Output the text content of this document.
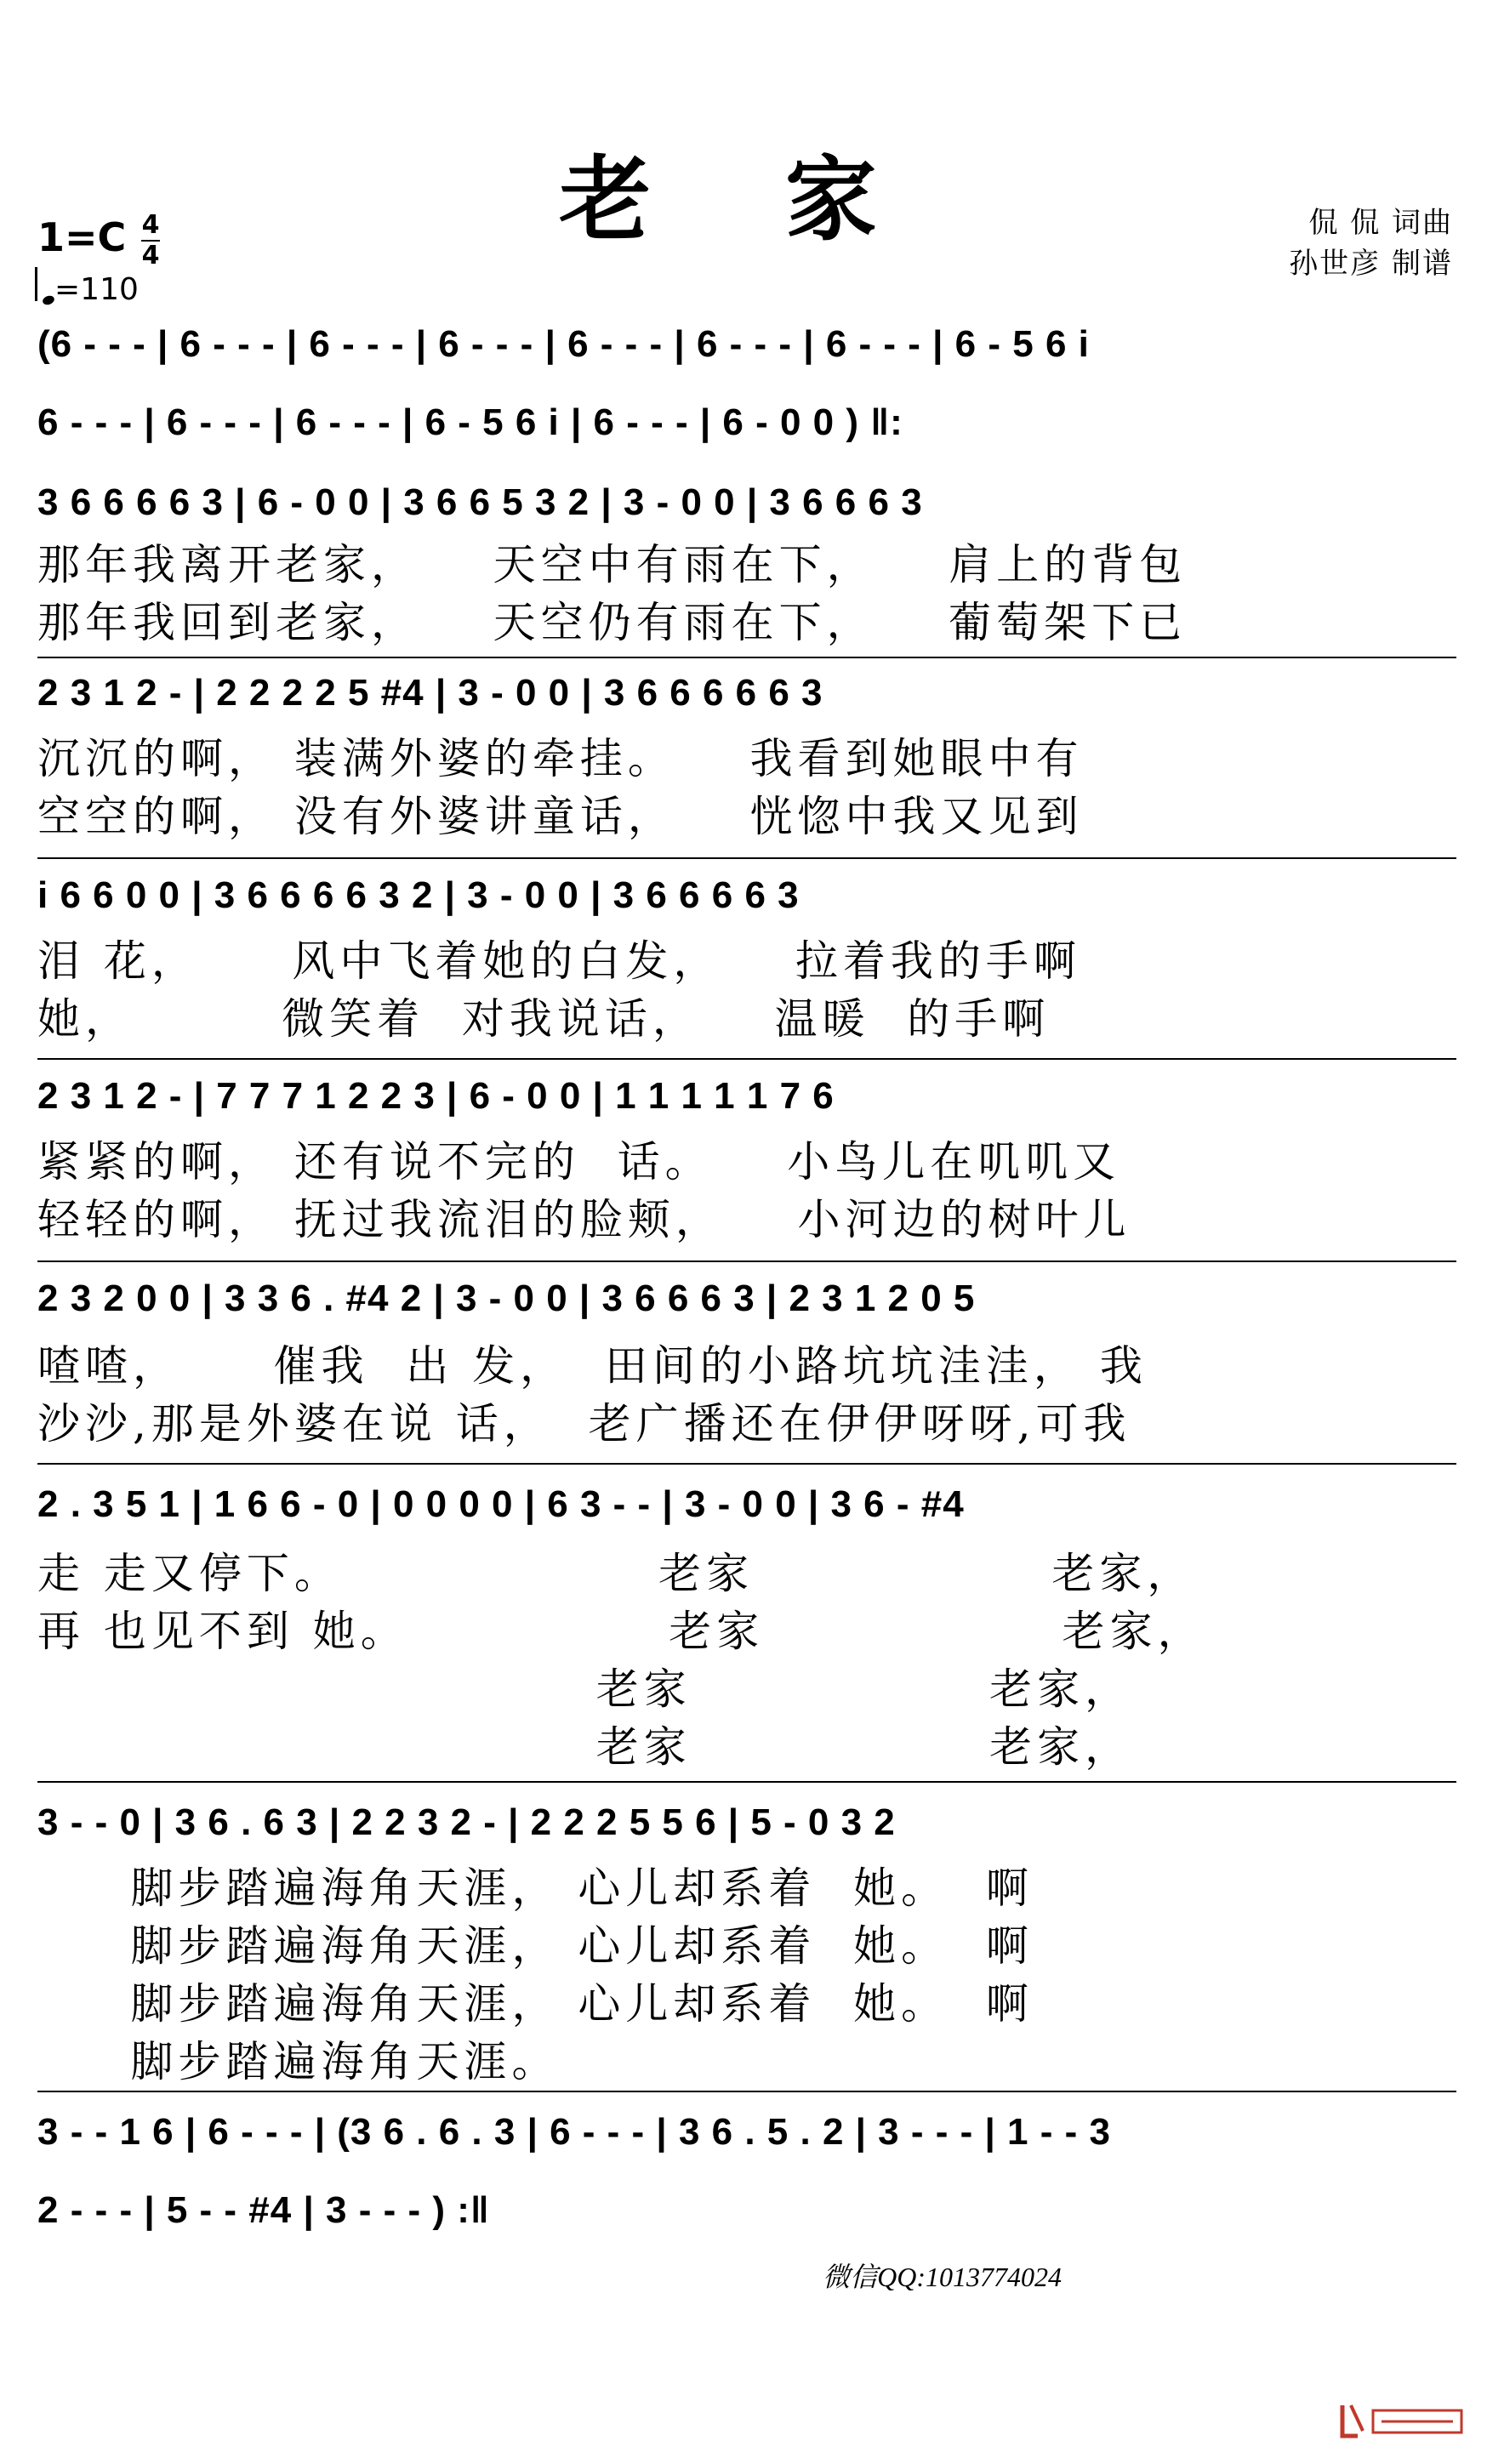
老 家
1=C 4
4
=110
侃 侃 词曲
孙世彦 制谱
(6 - - - | 6 - - - | 6 - - - | 6 - - - | 6 - - - | 6 - - - | 6 - - - | 6 - 5 6 i
6 - - - | 6 - - - | 6 - - - | 6 - 5 6 i | 6 - - - | 6 - 0 0 ) ‖:
3 6 6 6 6 3 | 6 - 0 0 | 3 6 6 5 3 2 | 3 - 0 0 | 3 6 6 6 3
2 3 1 2 - | 2 2 2 2 5 #4 | 3 - 0 0 | 3 6 6 6 6 6 3
i 6 6 0 0 | 3 6 6 6 6 3 2 | 3 - 0 0 | 3 6 6 6 6 3
2 3 1 2 - | 7 7 7 1 2 2 3 | 6 - 0 0 | 1 1 1 1 1 7 6
2 3 2 0 0 | 3 3 6 . #4 2 | 3 - 0 0 | 3 6 6 6 3 | 2 3 1 2 0 5
2 . 3 5 1 | 1 6 6 - 0 | 0 0 0 0 | 6 3 - - | 3 - 0 0 | 3 6 - #4
3 - - 0 | 3 6 . 6 3 | 2 2 3 2 - | 2 2 2 5 5 6 | 5 - 0 3 2
3 - - 1 6 | 6 - - - | (3 6 . 6 . 3 | 6 - - - | 3 6 . 5 . 2 | 3 - - - | 1 - - 3
2 - - - | 5 - - #4 | 3 - - - ) :‖
那年我离开老家，    天空中有雨在下，    肩上的背包
那年我回到老家，    天空仍有雨在下，    葡萄架下已
沉沉的啊， 装满外婆的牵挂。    我看到她眼中有
空空的啊， 没有外婆讲童话，    恍惚中我又见到
泪 花，     风中飞着她的白发，    拉着我的手啊
她，        微笑着  对我说话，    温暖  的手啊
紧紧的啊， 还有说不完的  话。    小鸟儿在叽叽又
轻轻的啊， 抚过我流泪的脸颊，    小河边的树叶儿
喳喳，     催我  出 发，  田间的小路坑坑洼洼， 我
沙沙,那是外婆在说 话，  老广播还在伊伊呀呀,可我
走 走又停下。                 老家                老家，
再 也见不到 她。              老家                老家，
老家                老家，
老家                老家，
脚步踏遍海角天涯， 心儿却系着  她。  啊
脚步踏遍海角天涯， 心儿却系着  她。  啊
脚步踏遍海角天涯， 心儿却系着  她。  啊
脚步踏遍海角天涯。
微信QQ:1013774024
